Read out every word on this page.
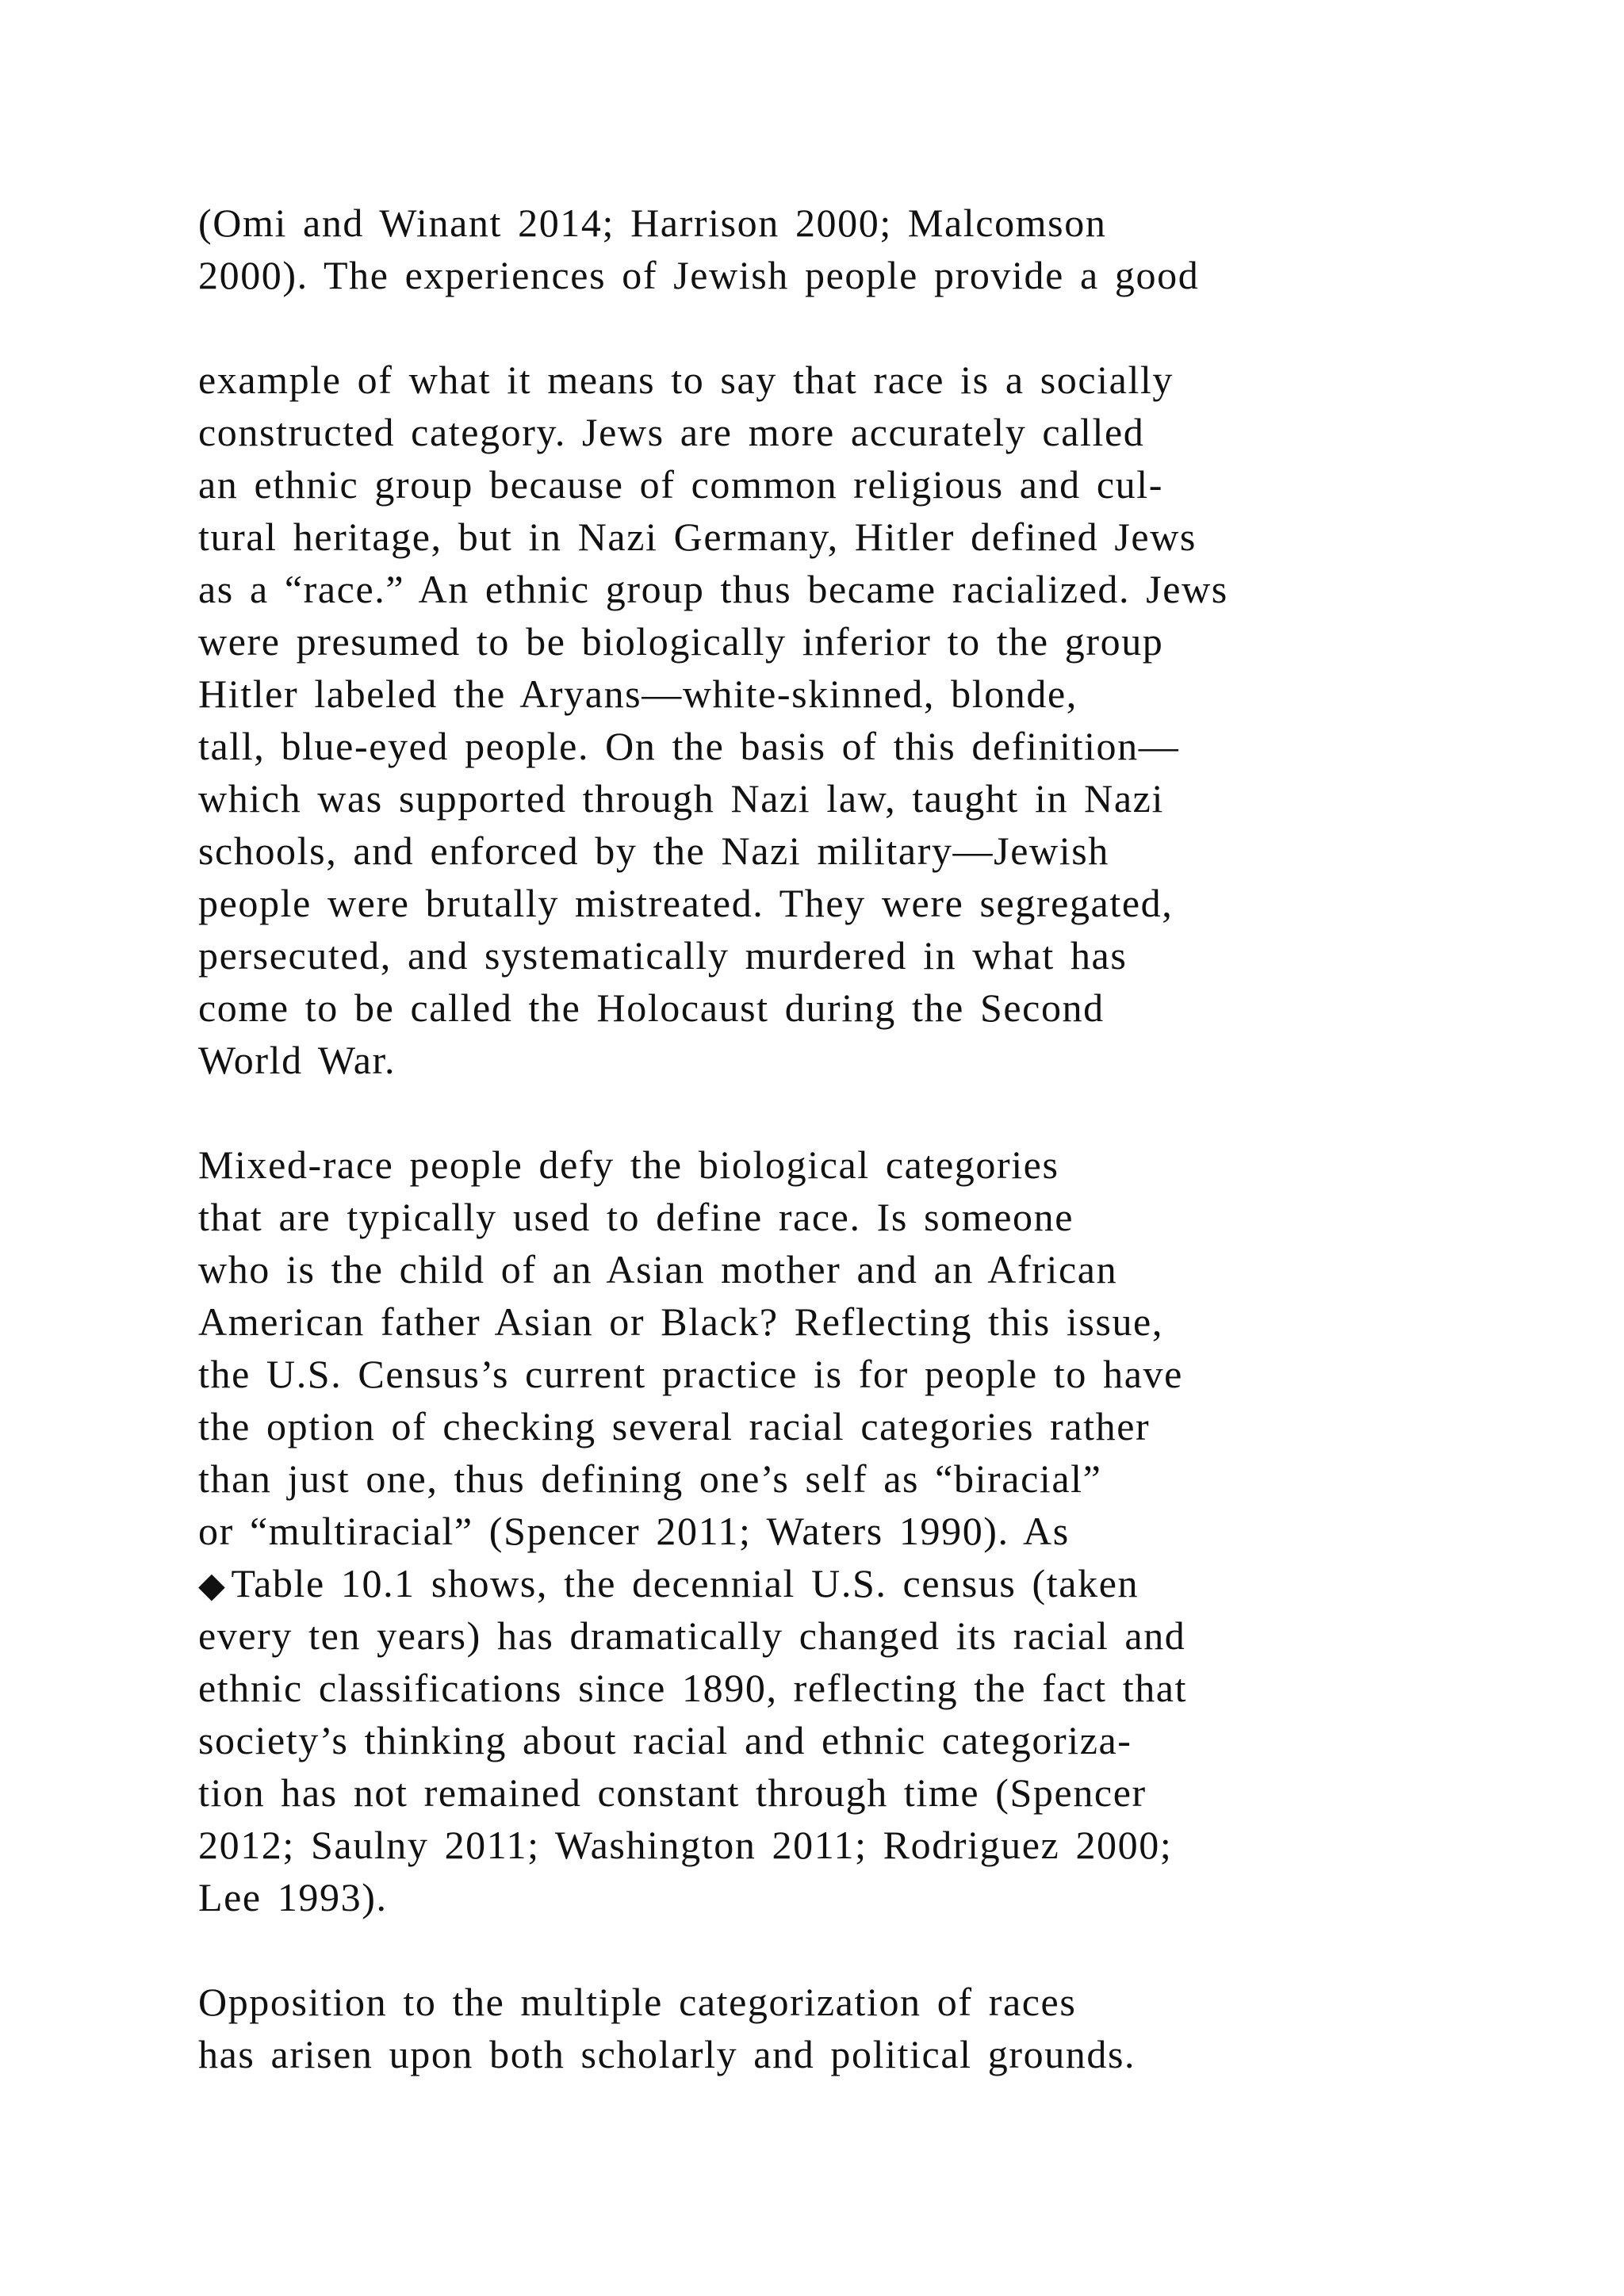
(Omi and Winant 2014; Harrison 2000; Malcomson
2000). The experiences of Jewish people provide a good
example of what it means to say that race is a socially
constructed category. Jews are more accurately called
an ethnic group because of common religious and cul-
tural heritage, but in Nazi Germany, Hitler defined Jews
as a “race.” An ethnic group thus became racialized. Jews
were presumed to be biologically inferior to the group
Hitler labeled the Aryans—white-skinned, blonde,
tall, blue-eyed people. On the basis of this definition—
which was supported through Nazi law, taught in Nazi
schools, and enforced by the Nazi military—Jewish
people were brutally mistreated. They were segregated,
persecuted, and systematically murdered in what has
come to be called the Holocaust during the Second
World War.
Mixed-race people defy the biological categories
that are typically used to define race. Is someone
who is the child of an Asian mother and an African
American father Asian or Black? Reflecting this issue,
the U.S. Census’s current practice is for people to have
the option of checking several racial categories rather
than just one, thus defining one’s self as “biracial”
or “multiracial” (Spencer 2011; Waters 1990). As
◆ Table 10.1 shows, the decennial U.S. census (taken
every ten years) has dramatically changed its racial and
ethnic classifications since 1890, reflecting the fact that
society’s thinking about racial and ethnic categoriza-
tion has not remained constant through time (Spencer
2012; Saulny 2011; Washington 2011; Rodriguez 2000;
Lee 1993).
Opposition to the multiple categorization of races
has arisen upon both scholarly and political grounds.
